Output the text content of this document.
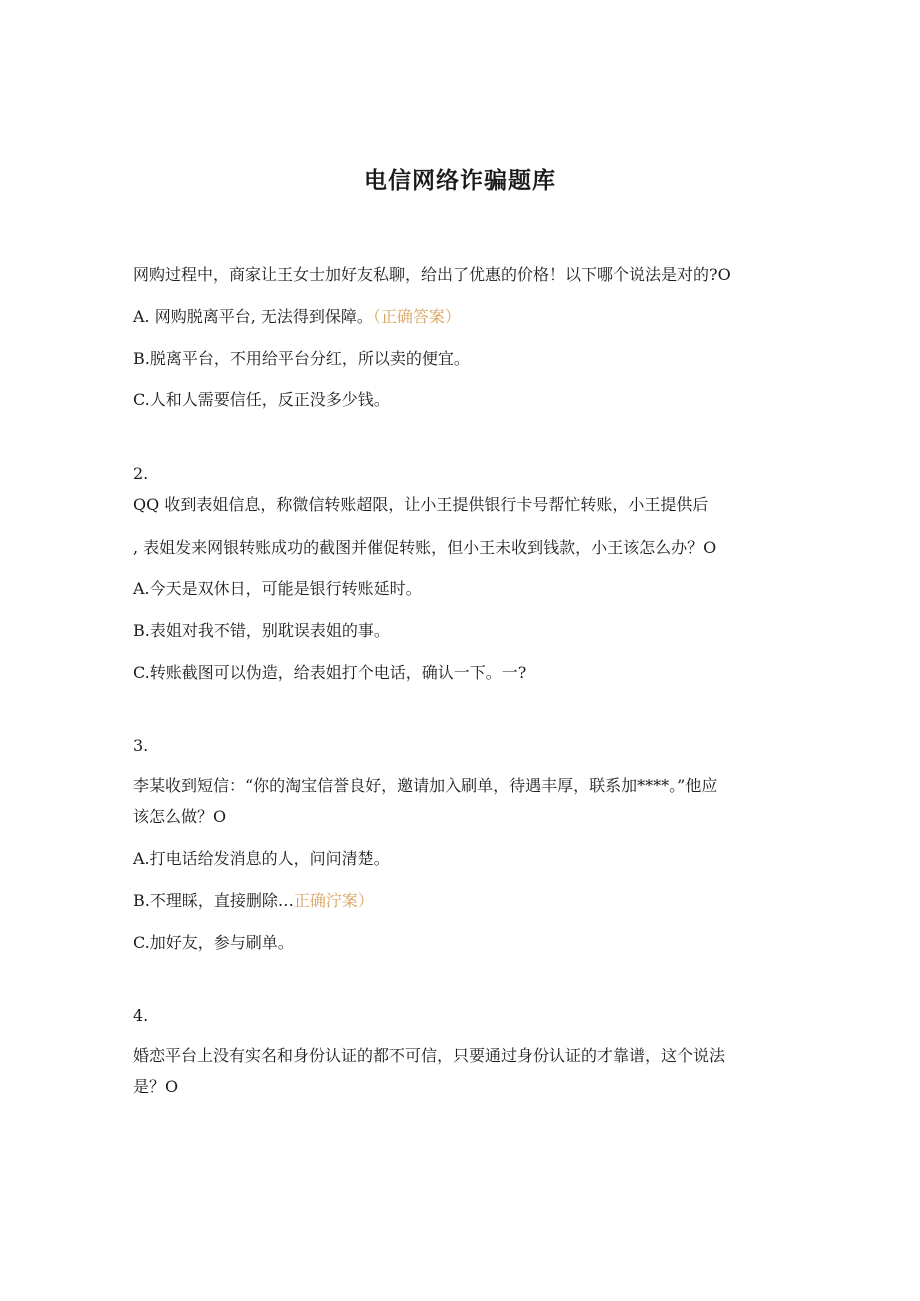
电信网络诈骗题库
网购过程中，商家让王女士加好友私聊，给出了优惠的价格！以下哪个说法是对的?O
A. 网购脱离平台, 无法得到保障。（正确答案）
B.脱离平台，不用给平台分红，所以卖的便宜。
C.人和人需要信任，反正没多少钱。
2.
QQ 收到表姐信息，称微信转账超限，让小王提供银行卡号帮忙转账，小王提供后
, 表姐发来网银转账成功的截图并催促转账，但小王未收到钱款，小王该怎么办？O
A.今天是双休日，可能是银行转账延时。
B.表姐对我不错，别耽误表姐的事。
C.转账截图可以伪造，给表姐打个电话，确认一下。一?
3.
李某收到短信：“你的淘宝信誉良好，邀请加入刷单，待遇丰厚，联系加****。”他应
该怎么做？O
A.打电话给发消息的人，问问清楚。
B.不理睬，直接删除…正确泞案）
C.加好友，参与刷单。
4.
婚恋平台上没有实名和身份认证的都不可信，只要通过身份认证的才靠谱，这个说法
是？O
